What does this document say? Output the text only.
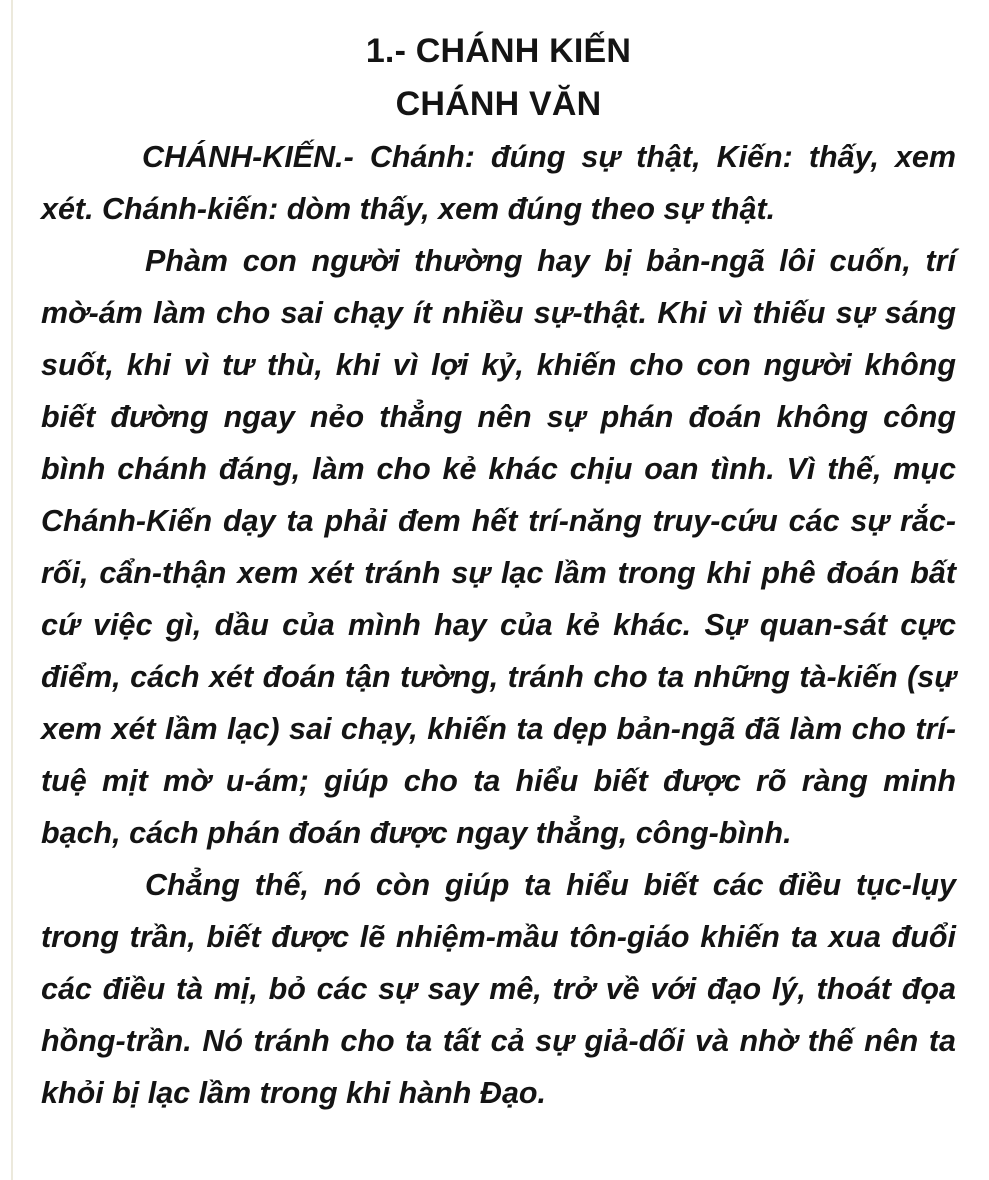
1.- CHÁNH KIẾN
CHÁNH VĂN

CHÁNH-KIẾN.- Chánh: đúng sự thật, Kiến: thấy, xem xét. Chánh-kiến: dòm thấy, xem đúng theo sự thật.

Phàm con người thường hay bị bản-ngã lôi cuốn, trí mờ-ám làm cho sai chạy ít nhiều sự-thật. Khi vì thiếu sự sáng suốt, khi vì tư thù, khi vì lợi kỷ, khiến cho con người không biết đường ngay nẻo thẳng nên sự phán đoán không công bình chánh đáng, làm cho kẻ khác chịu oan tình. Vì thế, mục Chánh-Kiến dạy ta phải đem hết trí-năng truy-cứu các sự rắc-rối, cẩn-thận xem xét tránh sự lạc lầm trong khi phê đoán bất cứ việc gì, dầu của mình hay của kẻ khác. Sự quan-sát cực điểm, cách xét đoán tận tường, tránh cho ta những tà-kiến (sự xem xét lầm lạc) sai chạy, khiến ta dẹp bản-ngã đã làm cho trí-tuệ mịt mờ u-ám; giúp cho ta hiểu biết được rõ ràng minh bạch, cách phán đoán được ngay thẳng, công-bình.

Chẳng thế, nó còn giúp ta hiểu biết các điều tục-lụy trong trần, biết được lẽ nhiệm-mầu tôn-giáo khiến ta xua đuổi các điều tà mị, bỏ các sự say mê, trở về với đạo lý, thoát đọa hồng-trần. Nó tránh cho ta tất cả sự giả-dối và nhờ thế nên ta khỏi bị lạc lầm trong khi hành Đạo.
